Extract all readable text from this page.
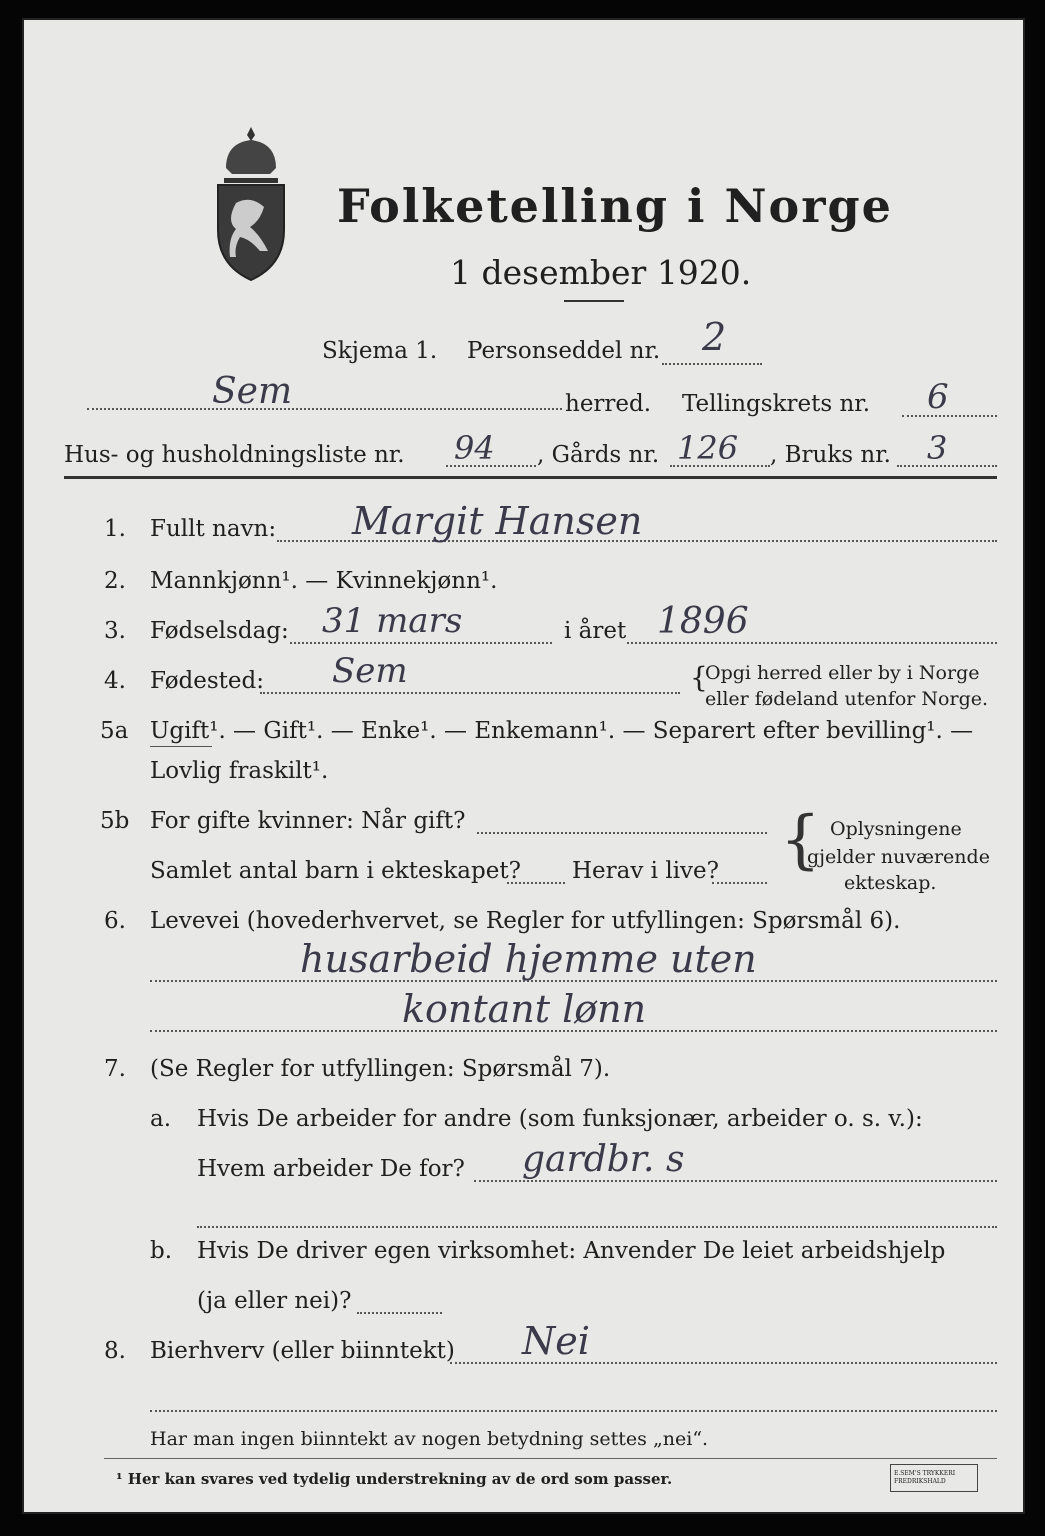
Folketelling i Norge
1 desember 1920.
Skjema 1. Personseddel nr. 2
Sem	herred. Tellingskrets nr. 6
Hus- og husholdningsliste nr. 94 , Gårds nr. 126 , Bruks nr. 3
1. Fullt navn: Margit Hansen
2. Mannkjønn¹. — Kvinnekjønn¹.
3. Fødselsdag: 31 mars	i året 1896
4. Fødested: Sem	{
Opgi herred eller by i Norge
eller fødeland utenfor Norge.
5a Ugift¹. — Gift¹. — Enke¹. — Enkemann¹. — Separert efter bevilling¹. —
Lovlig fraskilt¹.
5b For gifte kvinner: Når gift?
Samlet antal barn i ekteskapet? Herav i live? { Oplysningene
gjelder nuværende
ekteskap.
6. Levevei (hovederhvervet, se Regler for utfyllingen: Spørsmål 6).
husarbeid hjemme uten
kontant lønn
7. (Se Regler for utfyllingen: Spørsmål 7).
a. Hvis De arbeider for andre (som funksjonær, arbeider o. s. v.):
Hvem arbeider De for? gardbr. s
b. Hvis De driver egen virksomhet: Anvender De leiet arbeidshjelp
(ja eller nei)?
8. Bierhverv (eller biinntekt) Nei
Har man ingen biinntekt av nogen betydning settes „nei“.
¹ Her kan svares ved tydelig understrekning av de ord som passer.	E.SEM'S TRYKKERI FREDRIKSHALD
